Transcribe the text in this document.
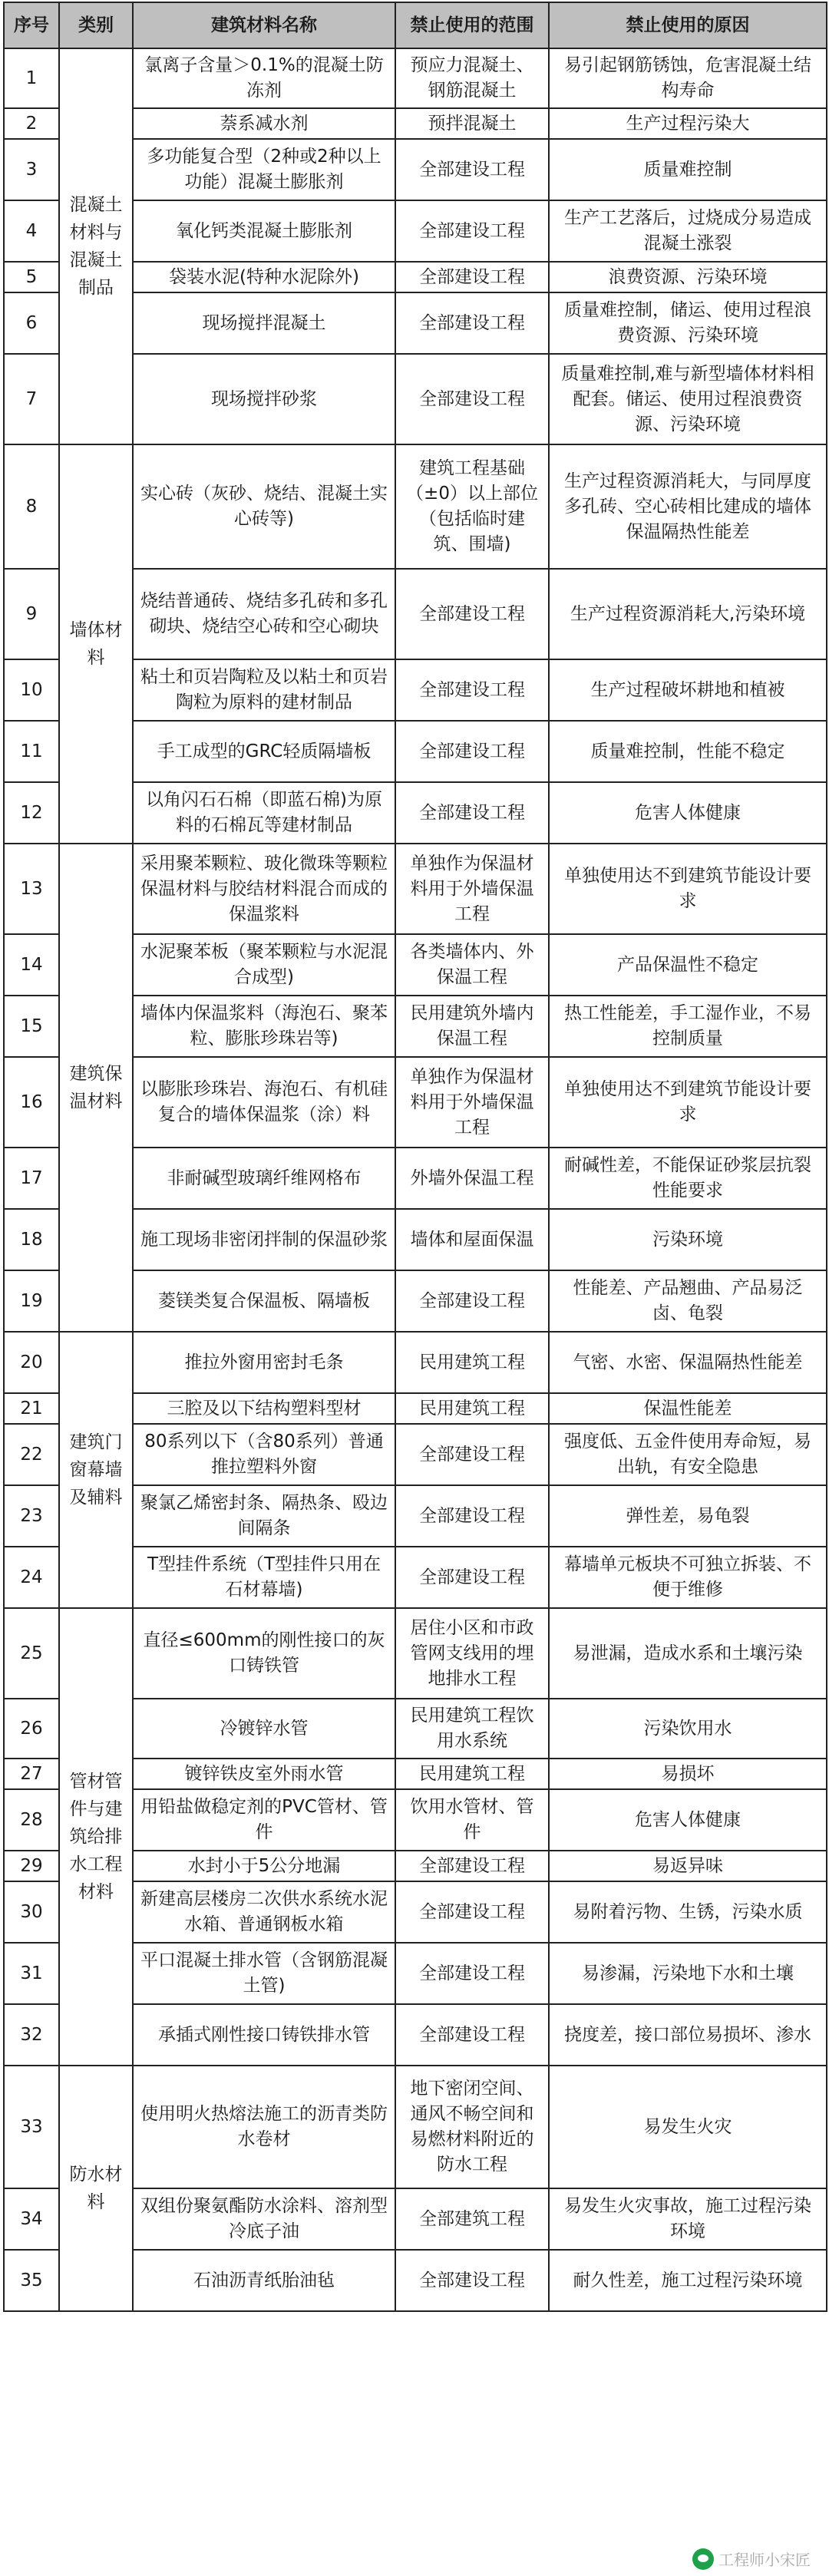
序号	类别	建筑材料名称	禁止使用的范围	禁止使用的原因
1	混凝土材料与混凝土制品	氯离子含量＞0.1%的混凝土防冻剂	预应力混凝土、钢筋混凝土	易引起钢筋锈蚀，危害混凝土结构寿命
2		萘系减水剂	预拌混凝土	生产过程污染大
3		多功能复合型（2种或2种以上功能）混凝土膨胀剂	全部建设工程	质量难控制
4		氧化钙类混凝土膨胀剂	全部建设工程	生产工艺落后，过烧成分易造成混凝土涨裂
5		袋装水泥(特种水泥除外)	全部建设工程	浪费资源、污染环境
6		现场搅拌混凝土	全部建设工程	质量难控制，储运、使用过程浪费资源、污染环境
7		现场搅拌砂浆	全部建设工程	质量难控制,难与新型墙体材料相配套。储运、使用过程浪费资源、污染环境
8	墙体材料	实心砖（灰砂、烧结、混凝土实心砖等)	建筑工程基础（±0）以上部位（包括临时建筑、围墙)	生产过程资源消耗大，与同厚度多孔砖、空心砖相比建成的墙体保温隔热性能差
9		烧结普通砖、烧结多孔砖和多孔砌块、烧结空心砖和空心砌块	全部建设工程	生产过程资源消耗大,污染环境
10		粘土和页岩陶粒及以粘土和页岩陶粒为原料的建材制品	全部建设工程	生产过程破坏耕地和植被
11		手工成型的GRC轻质隔墙板	全部建设工程	质量难控制，性能不稳定
12		以角闪石石棉（即蓝石棉)为原料的石棉瓦等建材制品	全部建设工程	危害人体健康
13	建筑保温材料	采用聚苯颗粒、玻化微珠等颗粒保温材料与胶结材料混合而成的保温浆料	单独作为保温材料用于外墙保温工程	单独使用达不到建筑节能设计要求
14		水泥聚苯板（聚苯颗粒与水泥混合成型)	各类墙体内、外保温工程	产品保温性不稳定
15		墙体内保温浆料（海泡石、聚苯粒、膨胀珍珠岩等)	民用建筑外墙内保温工程	热工性能差，手工湿作业，不易控制质量
16		以膨胀珍珠岩、海泡石、有机硅复合的墙体保温浆（涂）料	单独作为保温材料用于外墙保温工程	单独使用达不到建筑节能设计要求
17		非耐碱型玻璃纤维网格布	外墙外保温工程	耐碱性差，不能保证砂浆层抗裂性能要求
18		施工现场非密闭拌制的保温砂浆	墙体和屋面保温	污染环境
19		菱镁类复合保温板、隔墙板	全部建设工程	性能差、产品翘曲、产品易泛卤、龟裂
20	建筑门窗幕墙及辅料	推拉外窗用密封毛条	民用建筑工程	气密、水密、保温隔热性能差
21		三腔及以下结构塑料型材	民用建筑工程	保温性能差
22		80系列以下（含80系列）普通推拉塑料外窗	全部建设工程	强度低、五金件使用寿命短，易出轨，有安全隐患
23		聚氯乙烯密封条、隔热条、殴边间隔条	全部建设工程	弹性差，易龟裂
24		T型挂件系统（T型挂件只用在石材幕墙)	全部建设工程	幕墙单元板块不可独立拆装、不便于维修
25	管材管件与建筑给排水工程材料	直径≤600mm的刚性接口的灰口铸铁管	居住小区和市政管网支线用的埋地排水工程	易泄漏，造成水系和土壤污染
26		冷镀锌水管	民用建筑工程饮用水系统	污染饮用水
27		镀锌铁皮室外雨水管	民用建筑工程	易损坏
28		用铅盐做稳定剂的PVC管材、管件	饮用水管材、管件	危害人体健康
29		水封小于5公分地漏	全部建设工程	易返异味
30		新建高层楼房二次供水系统水泥水箱、普通钢板水箱	全部建设工程	易附着污物、生锈，污染水质
31		平口混凝土排水管（含钢筋混凝土管)	全部建设工程	易渗漏，污染地下水和土壤
32		承插式刚性接口铸铁排水管	全部建设工程	挠度差，接口部位易损坏、渗水
33	防水材料	使用明火热熔法施工的沥青类防水卷材	地下密闭空间、通风不畅空间和易燃材料附近的防水工程	易发生火灾
34		双组份聚氨酯防水涂料、溶剂型冷底子油	全部建筑工程	易发生火灾事故，施工过程污染环境
35		石油沥青纸胎油毡	全部建设工程	耐久性差，施工过程污染环境
工程师小宋匠
